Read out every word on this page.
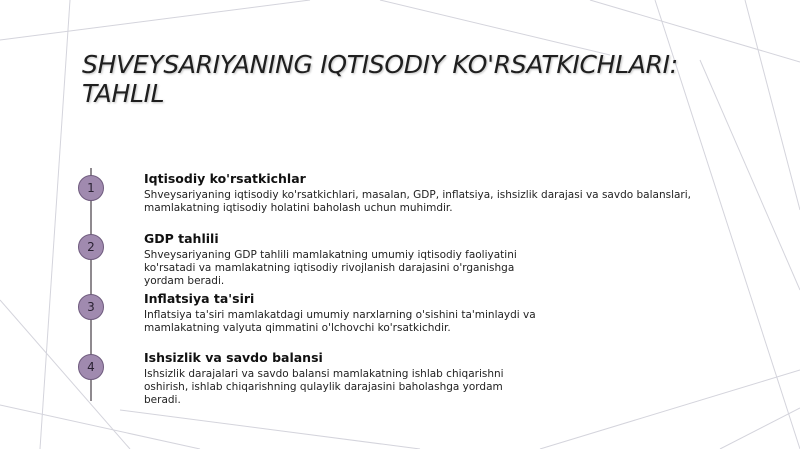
SHVEYSARIYANING IQTISODIY KO'RSATKICHLARI: TAHLIL
1
Iqtisodiy ko'rsatkichlar

Shveysariyaning iqtisodiy ko'rsatkichlari, masalan, GDP, inflatsiya, ishsizlik darajasi va savdo balanslari, mamlakatning iqtisodiy holatini baholash uchun muhimdir.

2
GDP tahlili

Shveysariyaning GDP tahlili mamlakatning umumiy iqtisodiy faoliyatini ko'rsatadi va mamlakatning iqtisodiy rivojlanish darajasini o'rganishga yordam beradi.

3
Inflatsiya ta'siri

Inflatsiya ta'siri mamlakatdagi umumiy narxlarning o'sishini ta'minlaydi va mamlakatning valyuta qimmatini o'lchovchi ko'rsatkichdir.

4
Ishsizlik va savdo balansi

Ishsizlik darajalari va savdo balansi mamlakatning ishlab chiqarishni oshirish, ishlab chiqarishning qulaylik darajasini baholashga yordam beradi.
